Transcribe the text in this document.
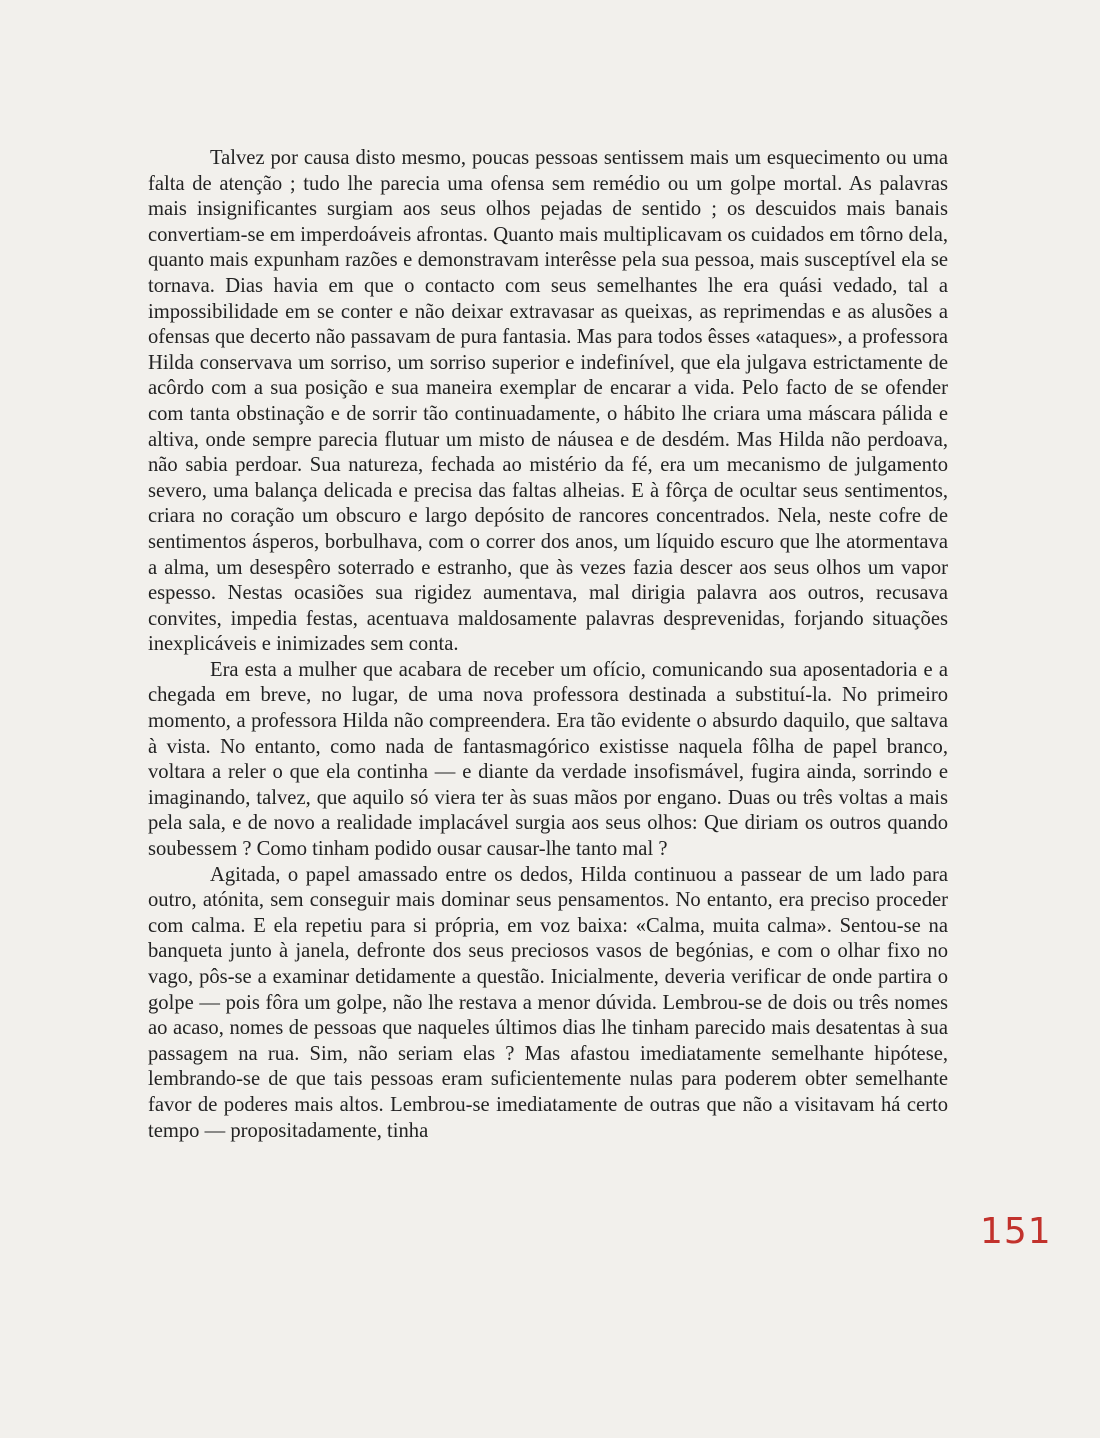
Talvez por causa disto mesmo, poucas pessoas sentissem mais um esquecimento ou uma falta de atenção ; tudo lhe parecia uma ofensa sem remédio ou um golpe mortal. As palavras mais insignificantes surgiam aos seus olhos pejadas de sentido ; os descuidos mais banais convertiam-se em imperdoáveis afrontas. Quanto mais multiplicavam os cuidados em tôrno dela, quanto mais expunham razões e demonstravam interêsse pela sua pessoa, mais susceptível ela se tornava. Dias havia em que o contacto com seus semelhantes lhe era quási vedado, tal a impossibilidade em se conter e não deixar extravasar as queixas, as reprimendas e as alusões a ofensas que decerto não passavam de pura fantasia. Mas para todos êsses «ataques», a professora Hilda conservava um sorriso, um sorriso superior e indefinível, que ela julgava estrictamente de acôrdo com a sua posição e sua maneira exemplar de encarar a vida. Pelo facto de se ofender com tanta obstinação e de sorrir tão continuadamente, o hábito lhe criara uma máscara pálida e altiva, onde sempre parecia flutuar um misto de náusea e de desdém. Mas Hilda não perdoava, não sabia perdoar. Sua natureza, fechada ao mistério da fé, era um mecanismo de julgamento severo, uma balança delicada e precisa das faltas alheias. E à fôrça de ocultar seus sentimentos, criara no coração um obscuro e largo depósito de rancores concentrados. Nela, neste cofre de sentimentos ásperos, borbulhava, com o correr dos anos, um líquido escuro que lhe atormentava a alma, um desespêro soterrado e estranho, que às vezes fazia descer aos seus olhos um vapor espesso. Nestas ocasiões sua rigidez aumentava, mal dirigia palavra aos outros, recusava convites, impedia festas, acentuava maldosamente palavras desprevenidas, forjando situações inexplicáveis e inimizades sem conta.

Era esta a mulher que acabara de receber um ofício, comunicando sua aposentadoria e a chegada em breve, no lugar, de uma nova professora destinada a substituí-la. No primeiro momento, a professora Hilda não compreendera. Era tão evidente o absurdo daquilo, que saltava à vista. No entanto, como nada de fantasmagórico existisse naquela fôlha de papel branco, voltara a reler o que ela continha — e diante da verdade insofismável, fugira ainda, sorrindo e imaginando, talvez, que aquilo só viera ter às suas mãos por engano. Duas ou três voltas a mais pela sala, e de novo a realidade implacável surgia aos seus olhos: Que diriam os outros quando soubessem ? Como tinham podido ousar causar-lhe tanto mal ?

Agitada, o papel amassado entre os dedos, Hilda continuou a passear de um lado para outro, atónita, sem conseguir mais dominar seus pensamentos. No entanto, era preciso proceder com calma. E ela repetiu para si própria, em voz baixa: «Calma, muita calma». Sentou-se na banqueta junto à janela, defronte dos seus preciosos vasos de begónias, e com o olhar fixo no vago, pôs-se a examinar detidamente a questão. Inicialmente, deveria verificar de onde partira o golpe — pois fôra um golpe, não lhe restava a menor dúvida. Lembrou-se de dois ou três nomes ao acaso, nomes de pessoas que naqueles últimos dias lhe tinham parecido mais desatentas à sua passagem na rua. Sim, não seriam elas ? Mas afastou imediatamente semelhante hipótese, lembrando-se de que tais pessoas eram suficientemente nulas para poderem obter semelhante favor de poderes mais altos. Lembrou-se imediatamente de outras que não a visitavam há certo tempo — propositadamente, tinha

151
